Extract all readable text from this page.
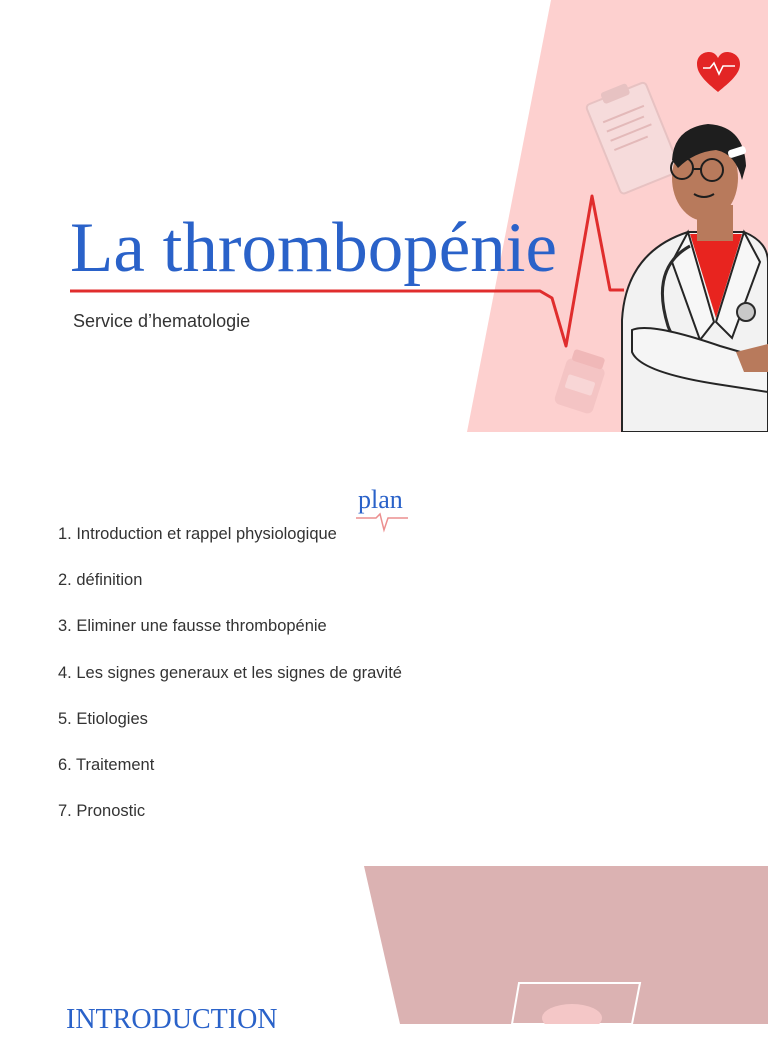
La thrombopénie
Service d’hematologie
plan
1. Introduction et rappel physiologique
2. définition
3. Eliminer une fausse thrombopénie
4. Les signes generaux et les signes de gravité
5. Etiologies
6. Traitement
7. Pronostic
INTRODUCTION
